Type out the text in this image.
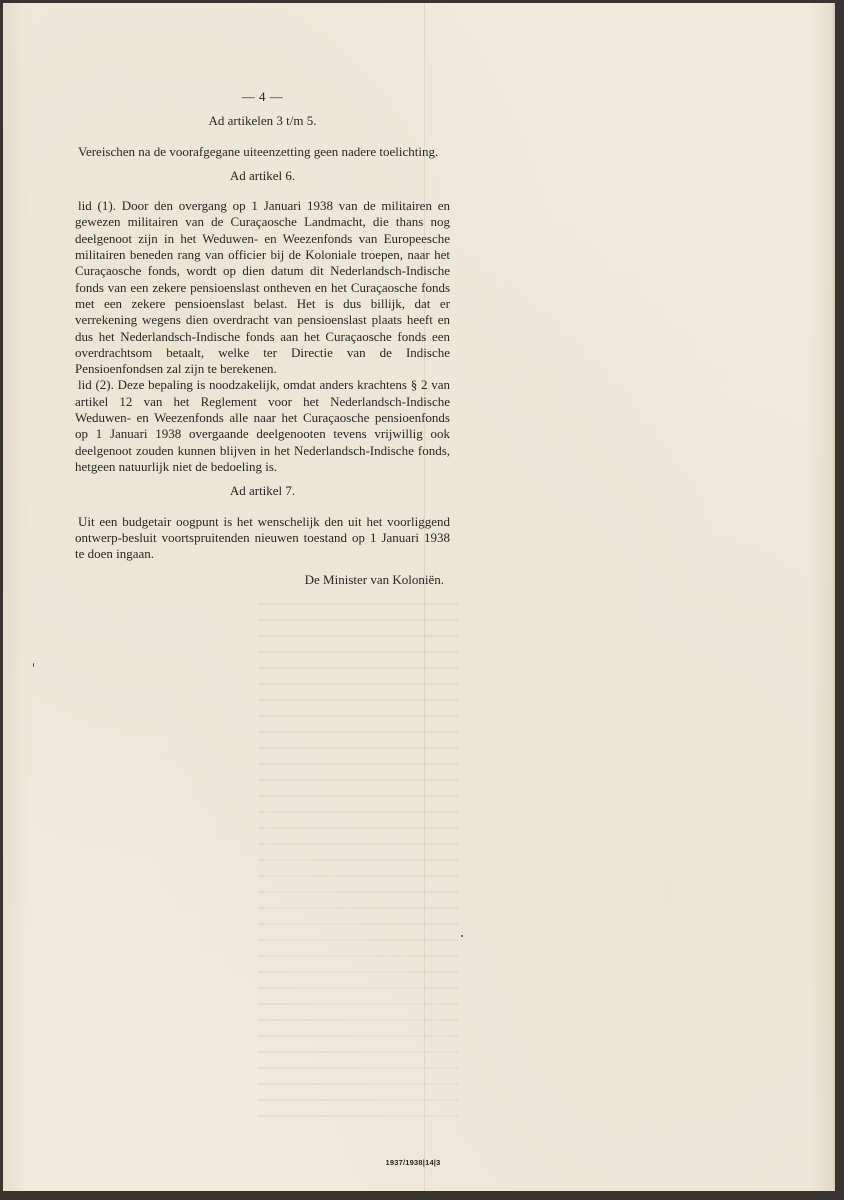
— 4 —
Ad artikelen 3 t/m 5.

Vereischen na de voorafgegane uiteenzetting geen nadere toelichting.

Ad artikel 6.

lid (1). Door den overgang op 1 Januari 1938 van de militairen en gewezen militairen van de Curaçaosche Landmacht, die thans nog deelgenoot zijn in het Weduwen- en Weezenfonds van Europeesche militairen beneden rang van officier bij de Koloniale troepen, naar het Curaçaosche fonds, wordt op dien datum dit Nederlandsch-Indische fonds van een zekere pensioenslast ontheven en het Curaçaosche fonds met een zekere pensioenslast belast. Het is dus billijk, dat er verrekening wegens dien overdracht van pensioenslast plaats heeft en dus het Nederlandsch-Indische fonds aan het Curaçaosche fonds een overdrachtsom betaalt, welke ter Directie van de Indische Pensioenfondsen zal zijn te berekenen.

lid (2). Deze bepaling is noodzakelijk, omdat anders krachtens § 2 van artikel 12 van het Reglement voor het Nederlandsch-Indische Weduwen- en Weezenfonds alle naar het Curaçaosche pensioenfonds op 1 Januari 1938 overgaande deelgenooten tevens vrijwillig ook deelgenoot zouden kunnen blijven in het Nederlandsch-Indische fonds, hetgeen natuurlijk niet de bedoeling is.

Ad artikel 7.

Uit een budgetair oogpunt is het wenschelijk den uit het voorliggend ontwerp-besluit voortspruitenden nieuwen toestand op 1 Januari 1938 te doen ingaan.

De Minister van Koloniën.
1937/1938|14|3
